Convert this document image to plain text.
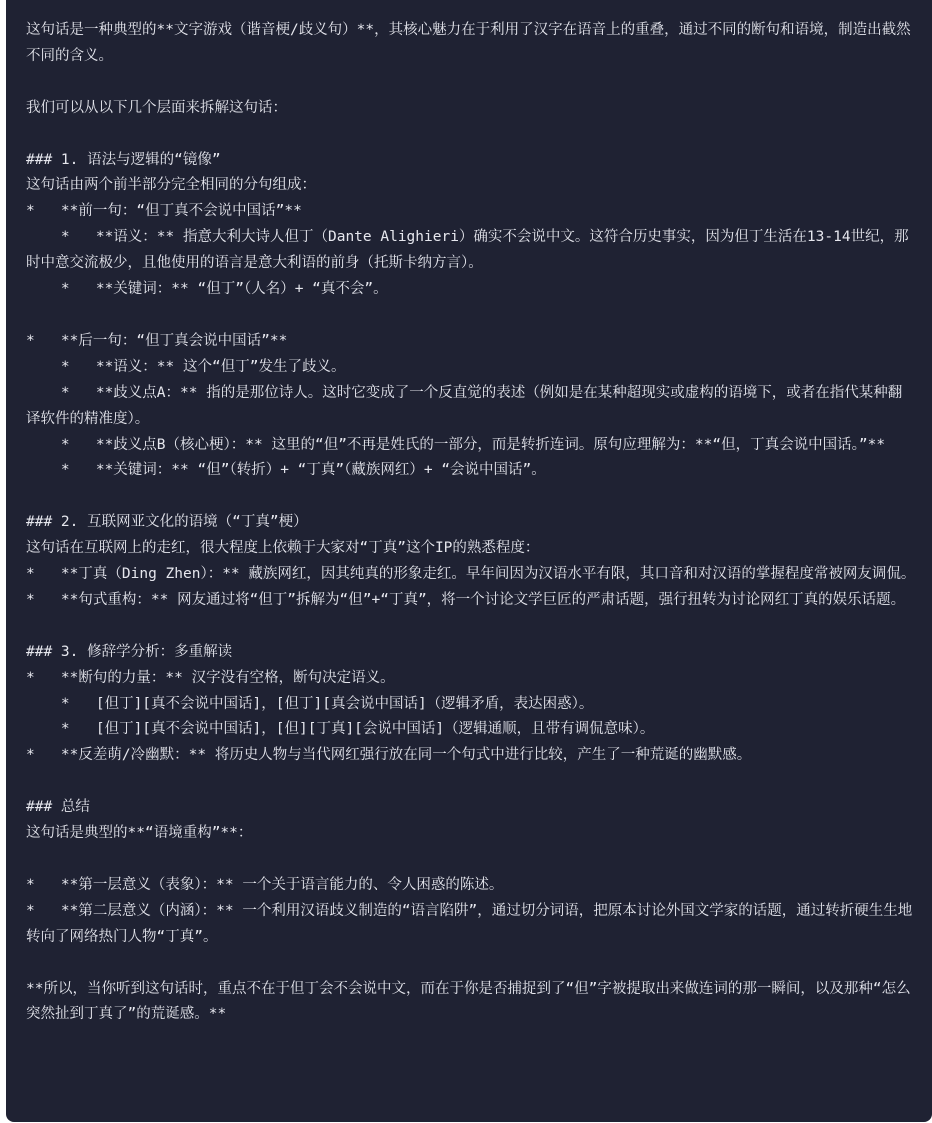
这句话是一种典型的**文字游戏（谐音梗/歧义句）**，其核心魅力在于利用了汉字在语音上的重叠，通过不同的断句和语境，制造出截然不同的含义。

我们可以从以下几个层面来拆解这句话：

### 1. 语法与逻辑的“镜像”
这句话由两个前半部分完全相同的分句组成：
*   **前一句：“但丁真不会说中国话”**
*   **语义：** 指意大利大诗人但丁（Dante Alighieri）确实不会说中文。这符合历史事实，因为但丁生活在13-14世纪，那时中意交流极少，且他使用的语言是意大利语的前身（托斯卡纳方言）。
*   **关键词：** “但丁”（人名）+ “真不会”。

*   **后一句：“但丁真会说中国话”**
*   **语义：** 这个“但丁”发生了歧义。
*   **歧义点A：** 指的是那位诗人。这时它变成了一个反直觉的表述（例如是在某种超现实或虚构的语境下，或者在指代某种翻译软件的精准度）。
*   **歧义点B（核心梗）：** 这里的“但”不再是姓氏的一部分，而是转折连词。原句应理解为：**“但，丁真会说中国话。”**
*   **关键词：** “但”（转折）+ “丁真”（藏族网红）+ “会说中国话”。

### 2. 互联网亚文化的语境（“丁真”梗）
这句话在互联网上的走红，很大程度上依赖于大家对“丁真”这个IP的熟悉程度：
*   **丁真（Ding Zhen）：** 藏族网红，因其纯真的形象走红。早年间因为汉语水平有限，其口音和对汉语的掌握程度常被网友调侃。
*   **句式重构：** 网友通过将“但丁”拆解为“但”+“丁真”，将一个讨论文学巨匠的严肃话题，强行扭转为讨论网红丁真的娱乐话题。

### 3. 修辞学分析：多重解读
*   **断句的力量：** 汉字没有空格，断句决定语义。
*   [但丁][真不会说中国话]，[但丁][真会说中国话]（逻辑矛盾，表达困惑）。
*   [但丁][真不会说中国话]，[但][丁真][会说中国话]（逻辑通顺，且带有调侃意味）。
*   **反差萌/冷幽默：** 将历史人物与当代网红强行放在同一个句式中进行比较，产生了一种荒诞的幽默感。

### 总结
这句话是典型的**“语境重构”**：

*   **第一层意义（表象）：** 一个关于语言能力的、令人困惑的陈述。
*   **第二层意义（内涵）：** 一个利用汉语歧义制造的“语言陷阱”，通过切分词语，把原本讨论外国文学家的话题，通过转折硬生生地转向了网络热门人物“丁真”。

**所以，当你听到这句话时，重点不在于但丁会不会说中文，而在于你是否捕捉到了“但”字被提取出来做连词的那一瞬间，以及那种“怎么突然扯到丁真了”的荒诞感。**
